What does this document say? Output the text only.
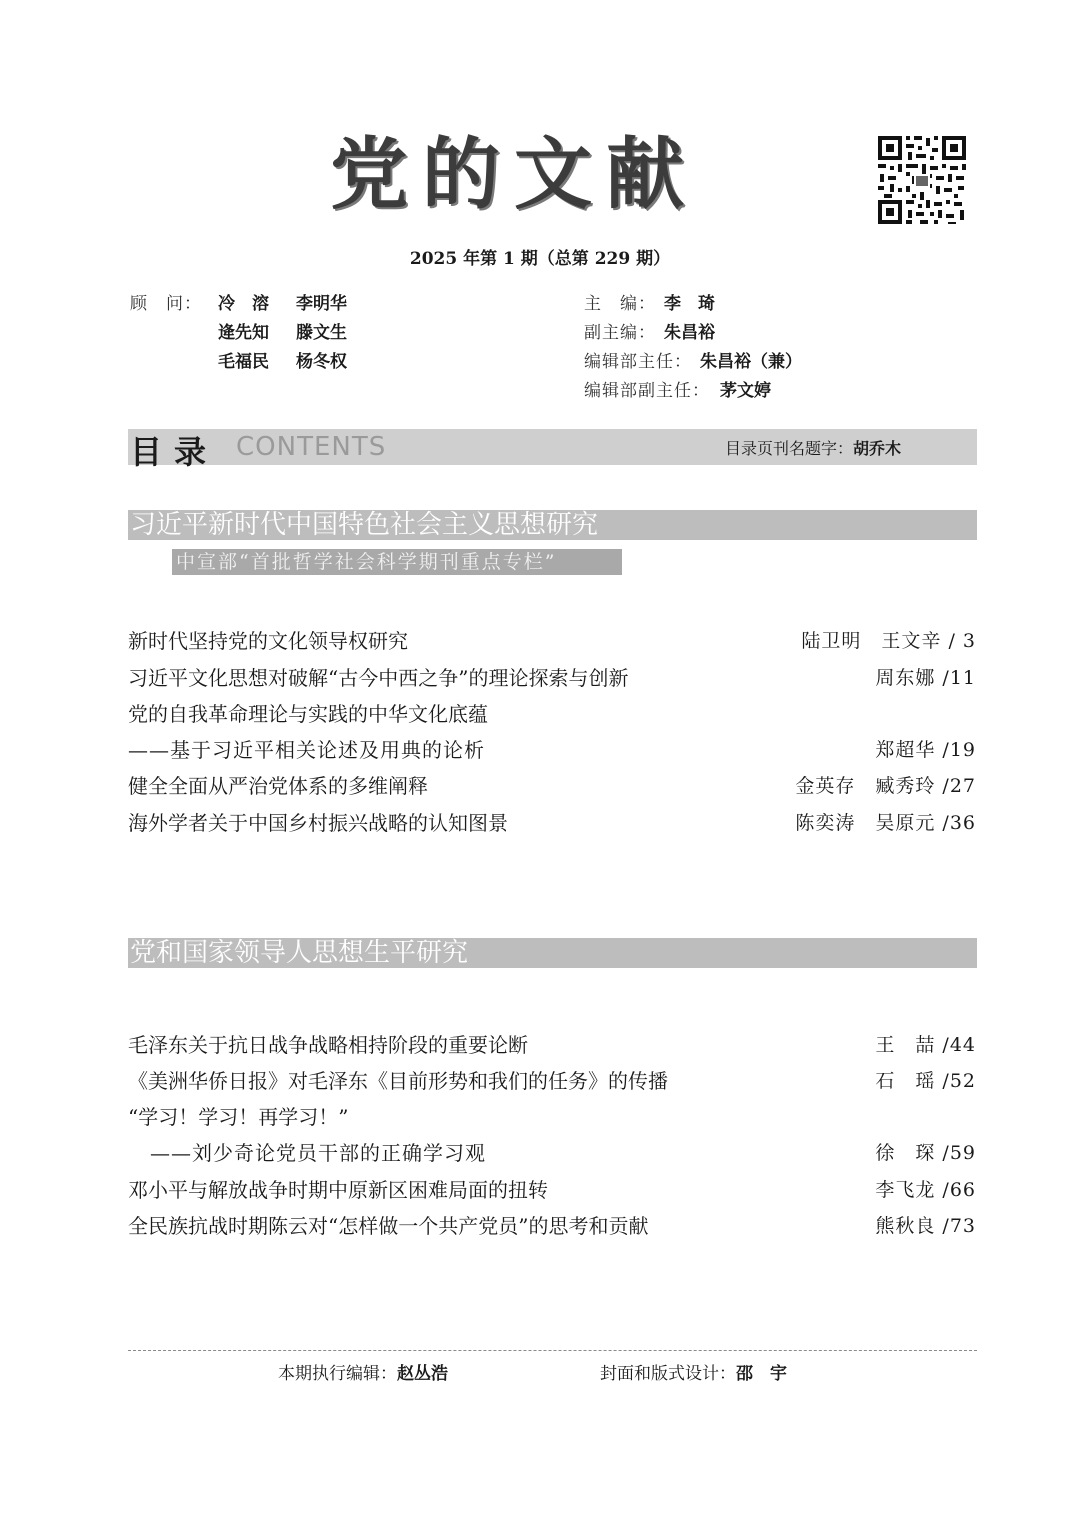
党的文献
2025 年第 1 期（总第 229 期）
顾　问： 冷　溶 李明华
逄先知 滕文生
毛福民 杨冬权
主　编： 李　琦
副主编： 朱昌裕
编辑部主任： 朱昌裕（兼）
编辑部副主任： 茅文婷
目录 CONTENTS	目录页刊名题字：胡乔木
习近平新时代中国特色社会主义思想研究
中宣部“首批哲学社会科学期刊重点专栏”
新时代坚持党的文化领导权研究	陆卫明　王文辛 / 3
习近平文化思想对破解“古今中西之争”的理论探索与创新	周东娜 /11
党的自我革命理论与实践的中华文化底蕴
——基于习近平相关论述及用典的论析	郑超华 /19
健全全面从严治党体系的多维阐释	金英存　臧秀玲 /27
海外学者关于中国乡村振兴战略的认知图景	陈奕涛　吴原元 /36
党和国家领导人思想生平研究
毛泽东关于抗日战争战略相持阶段的重要论断	王　喆 /44
《美洲华侨日报》对毛泽东《目前形势和我们的任务》的传播	石　瑶 /52
“学习！学习！再学习！”
——刘少奇论党员干部的正确学习观	徐　琛 /59
邓小平与解放战争时期中原新区困难局面的扭转	李飞龙 /66
全民族抗战时期陈云对“怎样做一个共产党员”的思考和贡献	熊秋良 /73
本期执行编辑：赵丛浩	封面和版式设计：邵　宇
